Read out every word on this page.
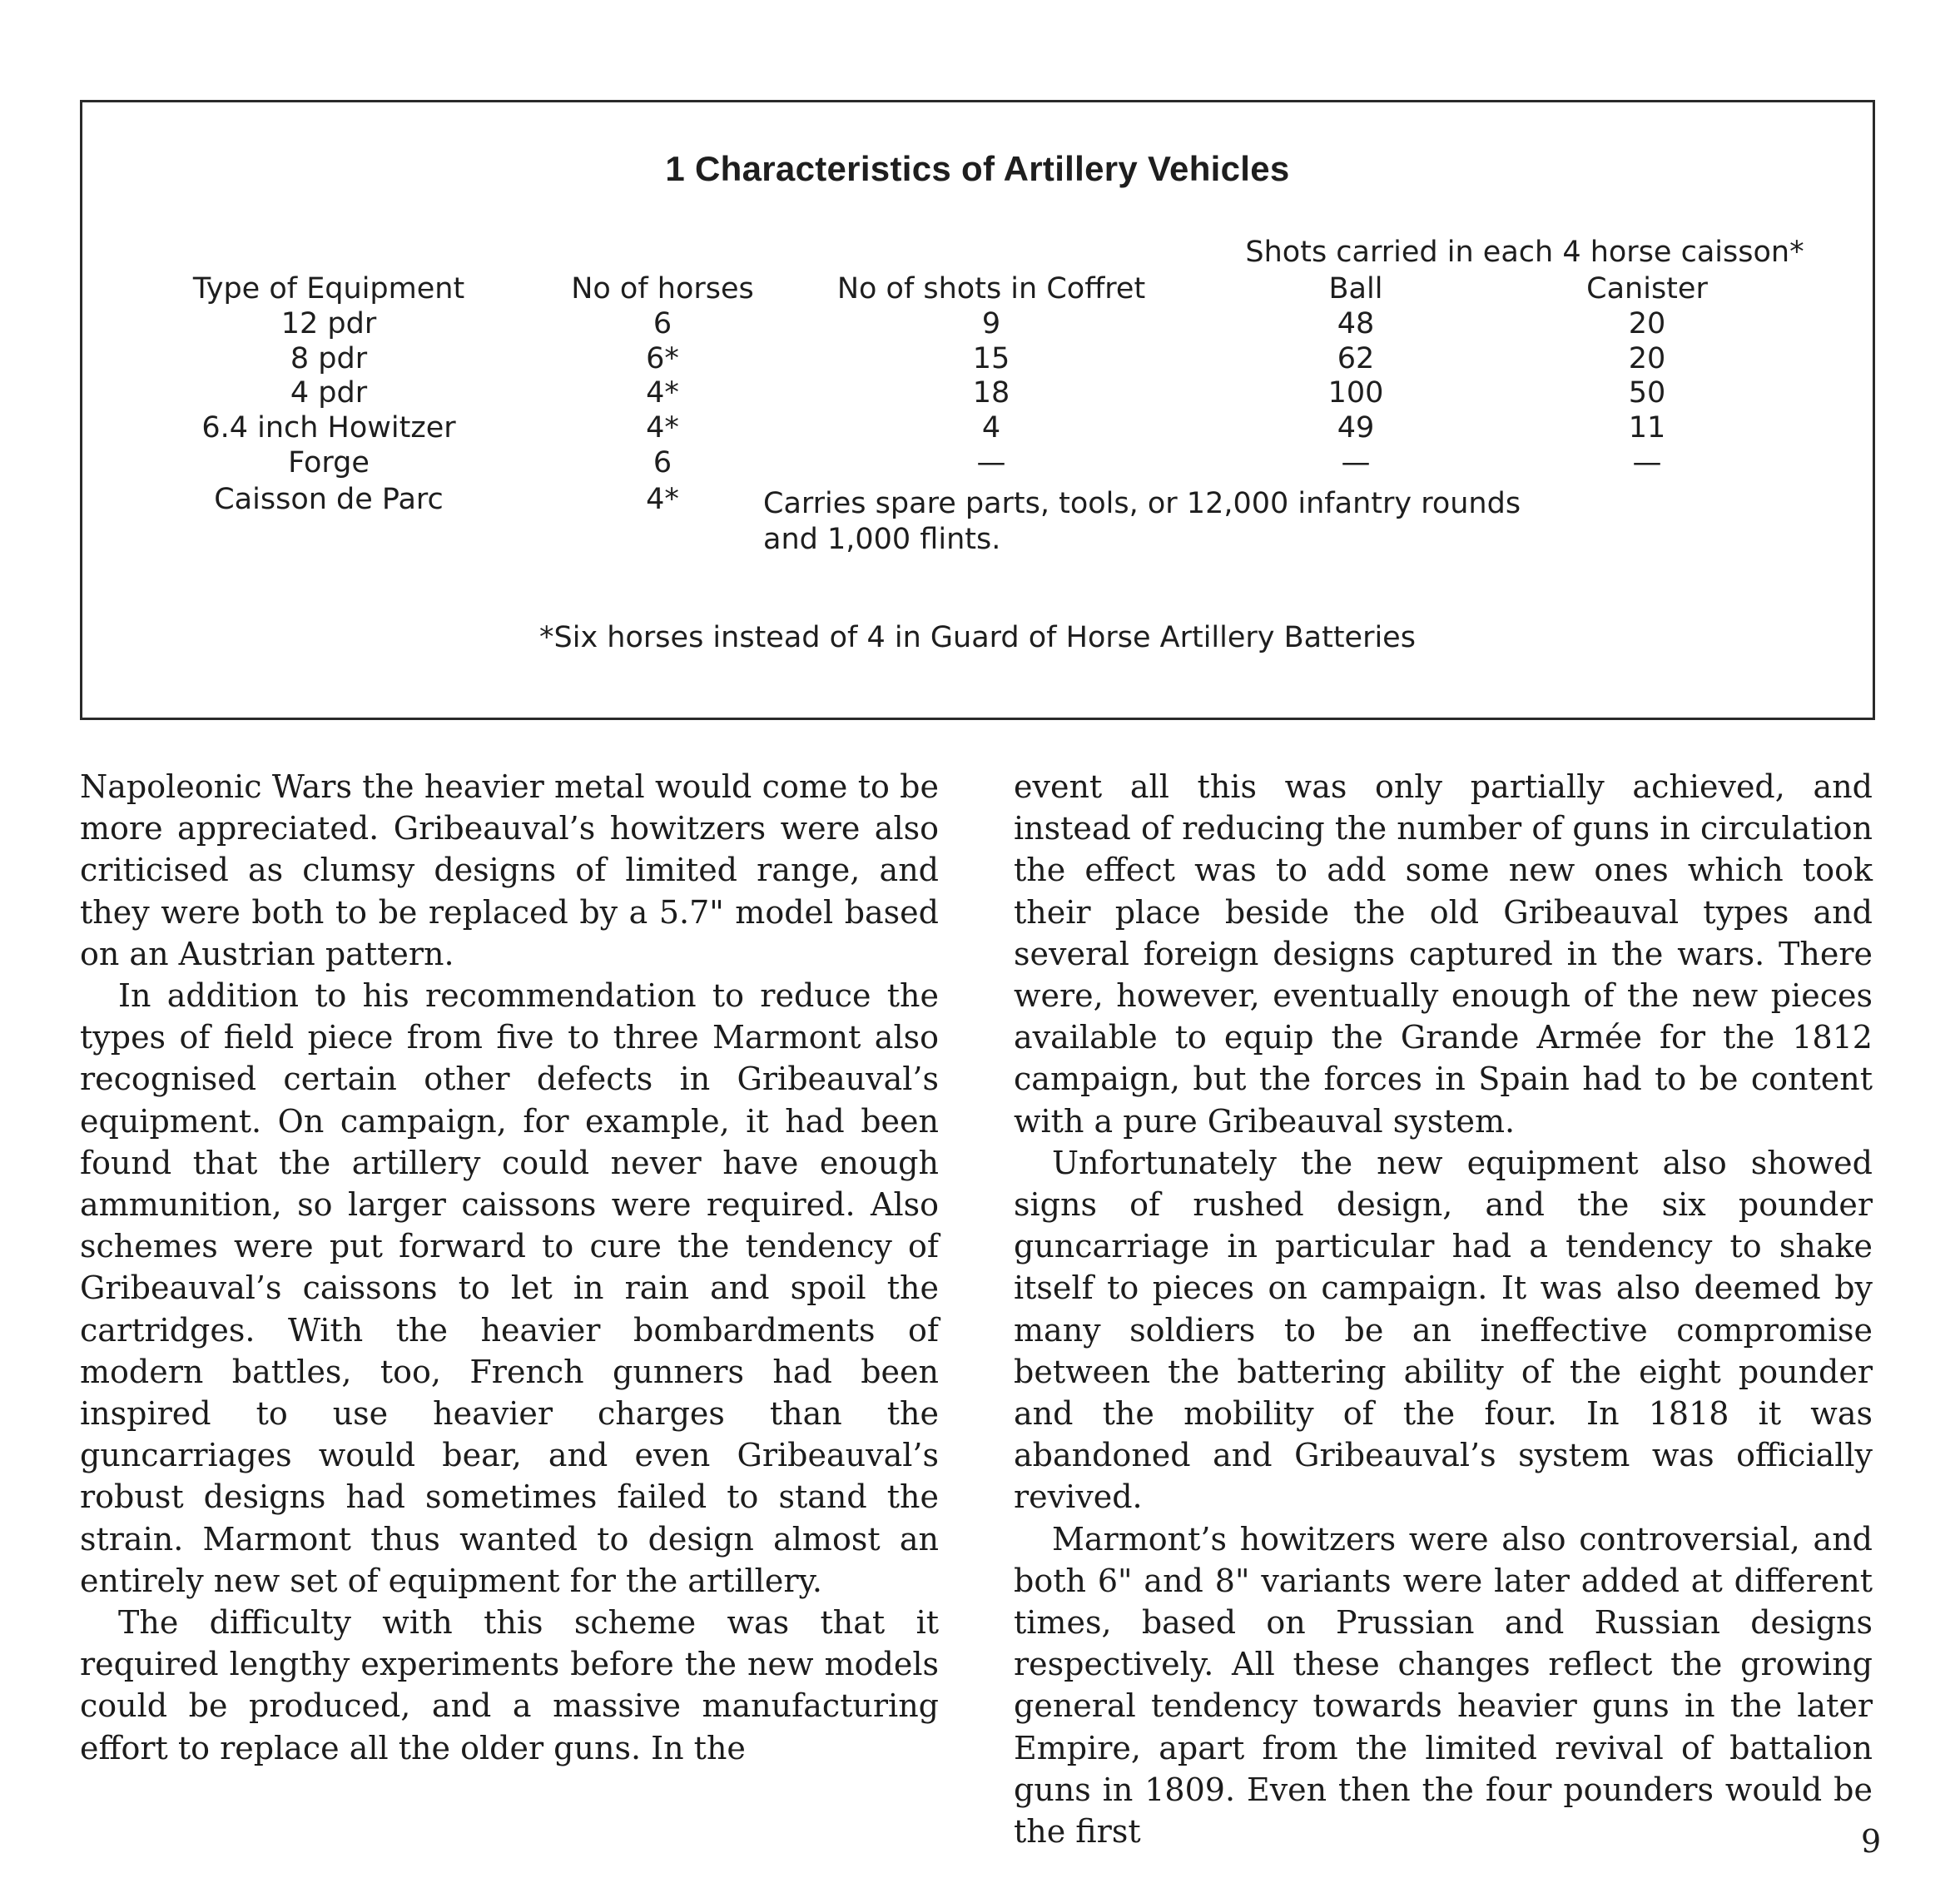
1 Characteristics of Artillery Vehicles
Shots carried in each 4 horse caisson*
Type of Equipment	No of horses	No of shots in Coffret	Ball	Canister
12 pdr	6	9	48	20
8 pdr	6*	15	62	20
4 pdr	4*	18	100	50
6.4 inch Howitzer	4*	4	49	11
Forge	6	—	—	—
Caisson de Parc	4*	Carries spare parts, tools, or 12,000 infantry rounds
and 1,000 flints.
*Six horses instead of 4 in Guard of Horse Artillery Batteries

Napoleonic Wars the heavier metal would come to be more appreciated. Gribeauval’s howitzers were also criticised as clumsy designs of limited range, and they were both to be replaced by a 5.7" model based on an Austrian pattern.

In addition to his recommendation to reduce the types of field piece from five to three Marmont also recognised certain other defects in Gribeauval’s equipment. On campaign, for example, it had been found that the artillery could never have enough ammunition, so larger caissons were required. Also schemes were put forward to cure the tendency of Gribeauval’s caissons to let in rain and spoil the cartridges. With the heavier bombardments of modern battles, too, French gunners had been inspired to use heavier charges than the guncarriages would bear, and even Gribeauval’s robust designs had sometimes failed to stand the strain. Marmont thus wanted to design almost an entirely new set of equipment for the artillery.

The difficulty with this scheme was that it required lengthy experiments before the new models could be produced, and a massive manufacturing effort to replace all the older guns. In the

event all this was only partially achieved, and instead of reducing the number of guns in circulation the effect was to add some new ones which took their place beside the old Gribeauval types and several foreign designs captured in the wars. There were, however, eventually enough of the new pieces available to equip the Grande Armée for the 1812 campaign, but the forces in Spain had to be content with a pure Gribeauval system.

Unfortunately the new equipment also showed signs of rushed design, and the six pounder guncarriage in particular had a tendency to shake itself to pieces on campaign. It was also deemed by many soldiers to be an ineffective compromise between the battering ability of the eight pounder and the mobility of the four. In 1818 it was abandoned and Gribeauval’s system was officially revived.

Marmont’s howitzers were also controversial, and both 6" and 8" variants were later added at different times, based on Prussian and Russian designs respectively. All these changes reflect the growing general tendency towards heavier guns in the later Empire, apart from the limited revival of battalion guns in 1809. Even then the four pounders would be the first	9
